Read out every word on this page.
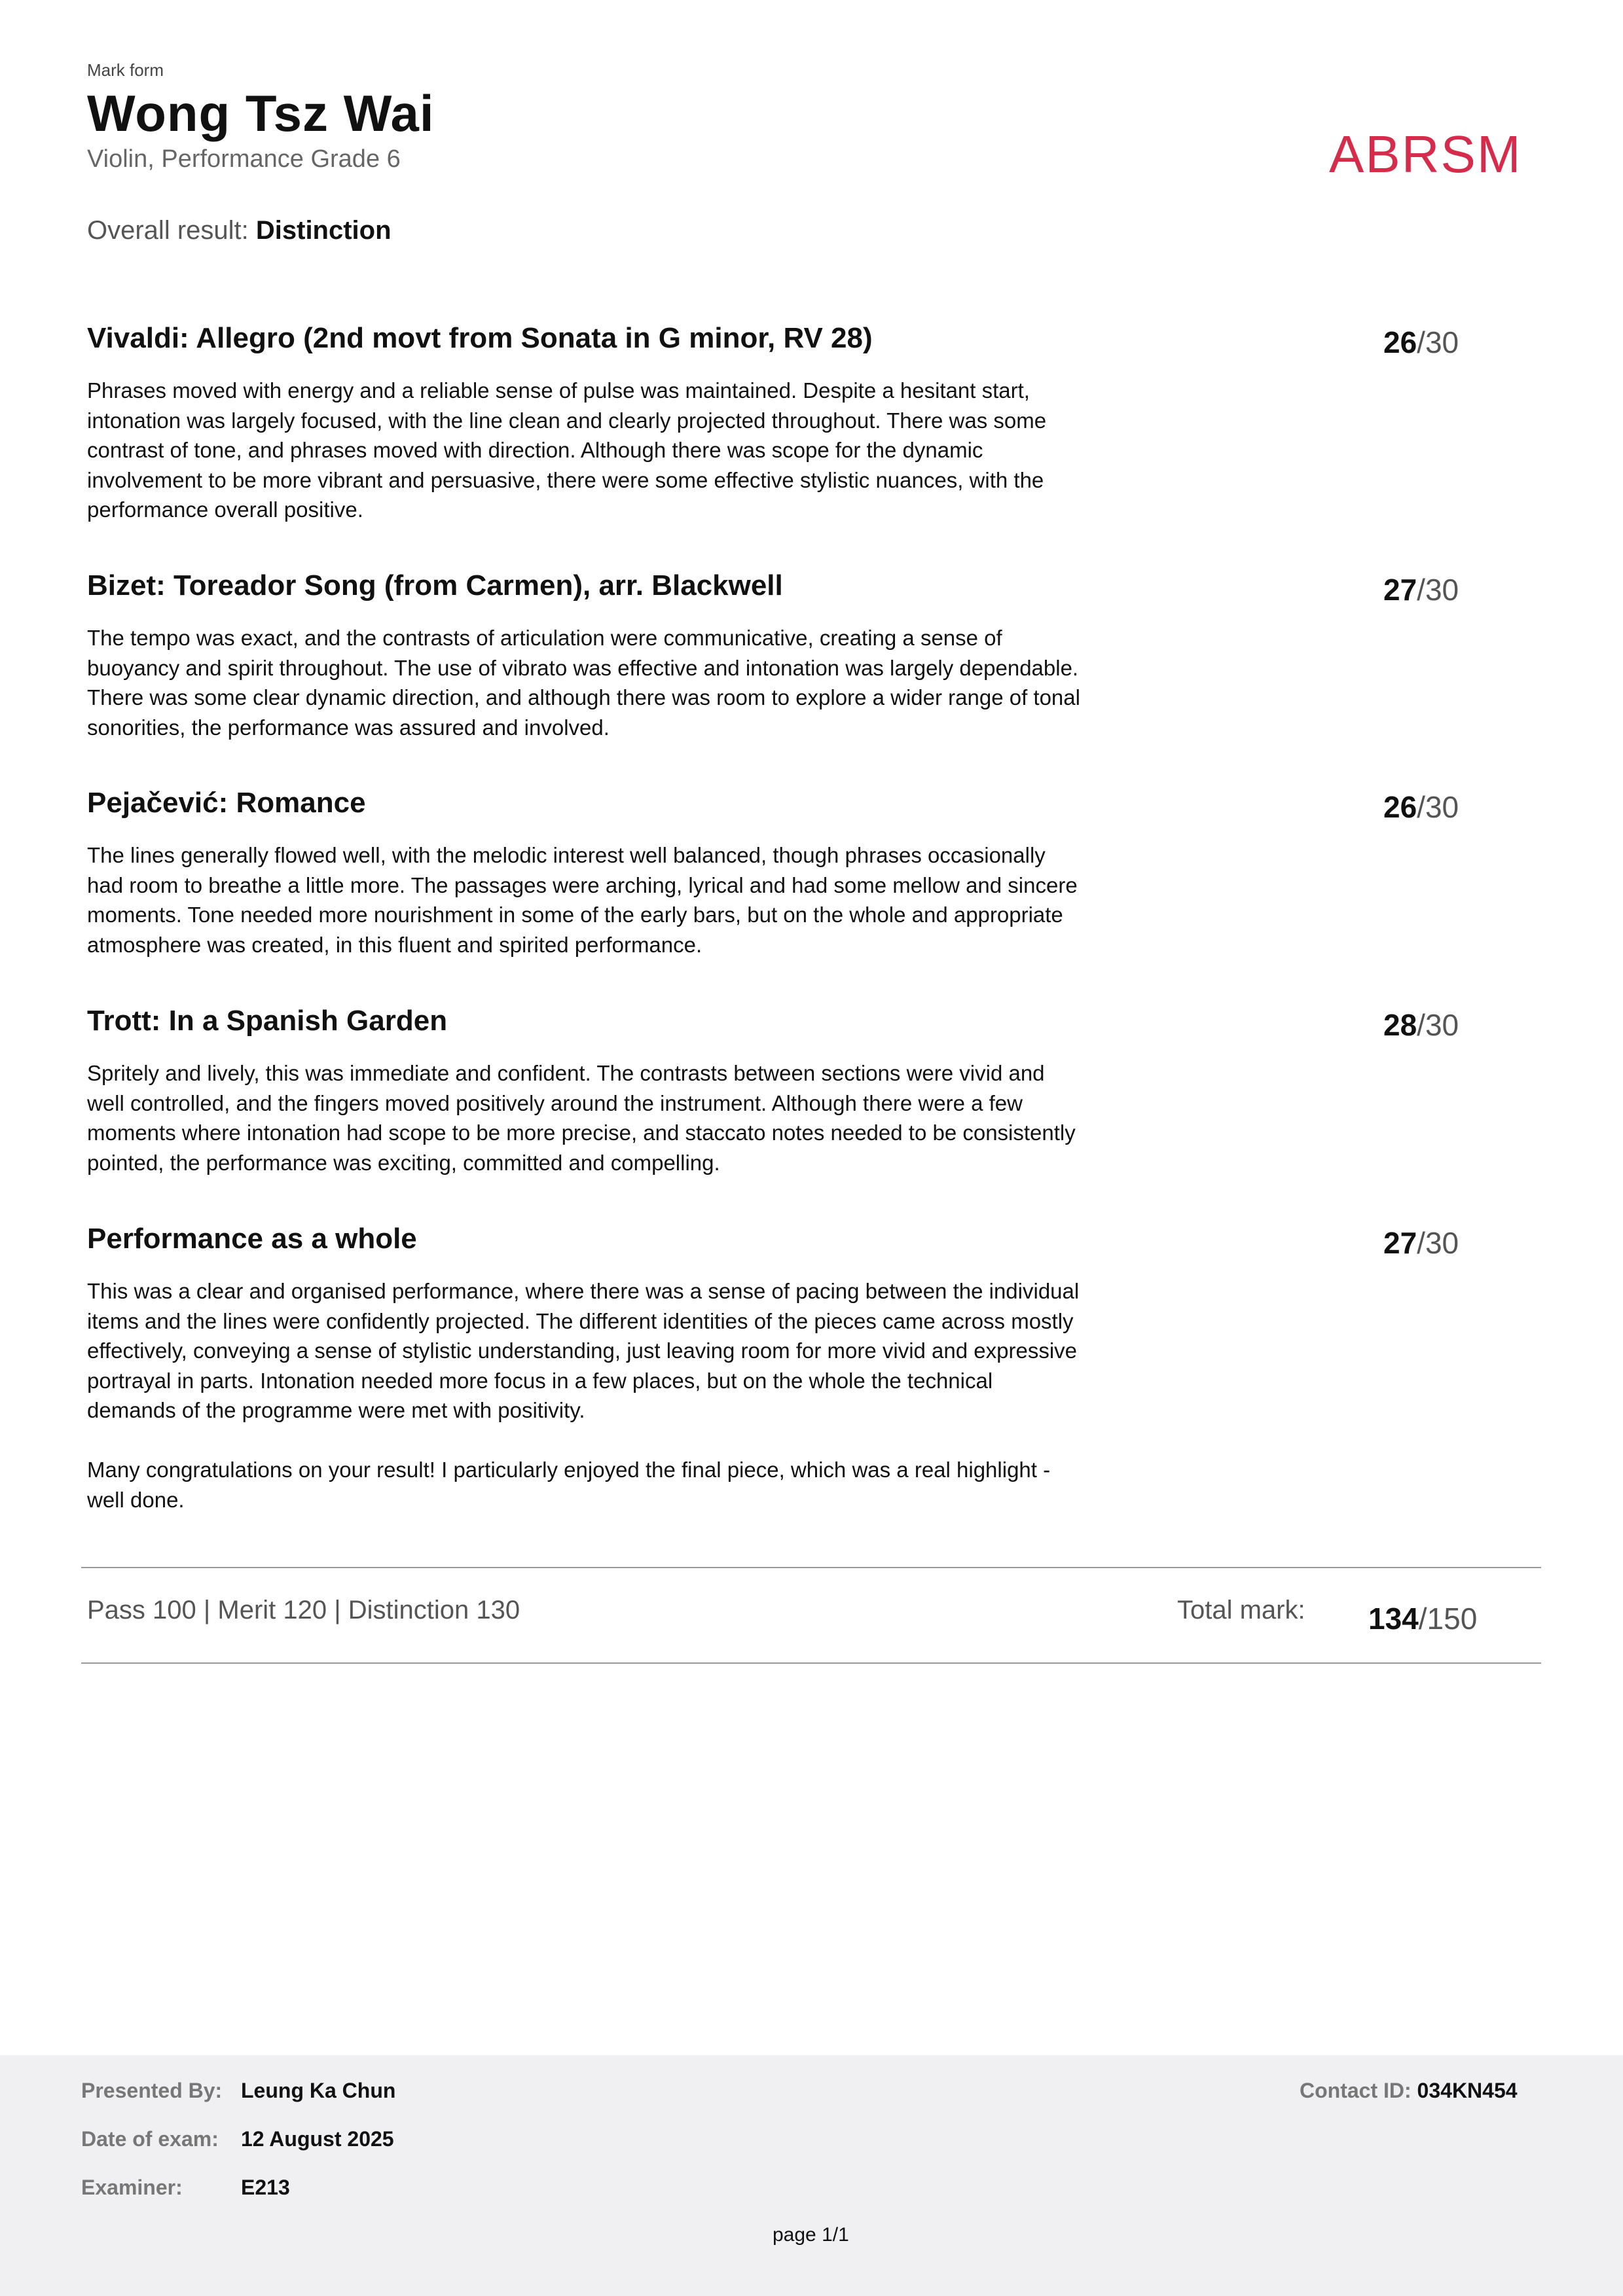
Mark form
Wong Tsz Wai
Violin, Performance Grade 6	ABRSM
Overall result: Distinction
Vivaldi: Allegro (2nd movt from Sonata in G minor, RV 28)	26/30
Phrases moved with energy and a reliable sense of pulse was maintained. Despite a hesitant start,
intonation was largely focused, with the line clean and clearly projected throughout. There was some
contrast of tone, and phrases moved with direction. Although there was scope for the dynamic
involvement to be more vibrant and persuasive, there were some effective stylistic nuances, with the
performance overall positive.
Bizet: Toreador Song (from Carmen), arr. Blackwell	27/30
The tempo was exact, and the contrasts of articulation were communicative, creating a sense of
buoyancy and spirit throughout. The use of vibrato was effective and intonation was largely dependable.
There was some clear dynamic direction, and although there was room to explore a wider range of tonal
sonorities, the performance was assured and involved.
Pejačević: Romance	26/30
The lines generally flowed well, with the melodic interest well balanced, though phrases occasionally
had room to breathe a little more. The passages were arching, lyrical and had some mellow and sincere
moments. Tone needed more nourishment in some of the early bars, but on the whole and appropriate
atmosphere was created, in this fluent and spirited performance.
Trott: In a Spanish Garden	28/30
Spritely and lively, this was immediate and confident. The contrasts between sections were vivid and
well controlled, and the fingers moved positively around the instrument. Although there were a few
moments where intonation had scope to be more precise, and staccato notes needed to be consistently
pointed, the performance was exciting, committed and compelling.
Performance as a whole	27/30
This was a clear and organised performance, where there was a sense of pacing between the individual
items and the lines were confidently projected. The different identities of the pieces came across mostly
effectively, conveying a sense of stylistic understanding, just leaving room for more vivid and expressive
portrayal in parts. Intonation needed more focus in a few places, but on the whole the technical
demands of the programme were met with positivity.

Many congratulations on your result! I particularly enjoyed the final piece, which was a real highlight -
well done.
Pass 100 | Merit 120 | Distinction 130	Total mark: 134/150
Presented By: Leung Ka Chun
Date of exam: 12 August 2025
Examiner:	E213
Contact ID: 034KN454
page 1/1
